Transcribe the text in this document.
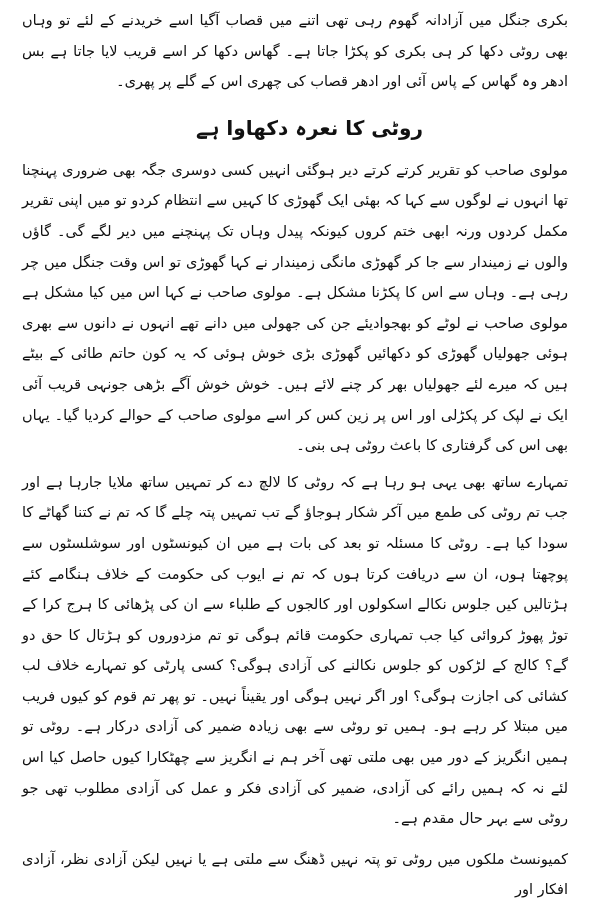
بکری جنگل میں آزادانہ گھوم رہی تھی اتنے میں قصاب آگیا اسے خریدنے کے لئے تو وہاں بھی روٹی دکھا کر ہی بکری کو پکڑا جاتا ہے۔ گھاس دکھا کر اسے قریب لایا جاتا ہے بس ادھر وہ گھاس کے پاس آئی اور ادھر قصاب کی چھری اس کے گلے پر پھری۔

روٹی کا نعرہ دکھاوا ہے

مولوی صاحب کو تقریر کرتے کرتے دیر ہوگئی انہیں کسی دوسری جگہ بھی ضروری پہنچنا تھا انہوں نے لوگوں سے کہا کہ بھئی ایک گھوڑی کا کہیں سے انتظام کردو تو میں اپنی تقریر مکمل کردوں ورنہ ابھی ختم کروں کیونکہ پیدل وہاں تک پہنچنے میں دیر لگے گی۔ گاؤں والوں نے زمیندار سے جا کر گھوڑی مانگی زمیندار نے کہا گھوڑی تو اس وقت جنگل میں چر رہی ہے۔ وہاں سے اس کا پکڑنا مشکل ہے۔ مولوی صاحب نے کہا اس میں کیا مشکل ہے مولوی صاحب نے لوٹے کو بھجوادیئے جن کی جھولی میں دانے تھے انہوں نے دانوں سے بھری ہوئی جھولیاں گھوڑی کو دکھائیں گھوڑی بڑی خوش ہوئی کہ یہ کون حاتم طائی کے بیٹے ہیں کہ میرے لئے جھولیاں بھر کر چنے لائے ہیں۔ خوش خوش آگے بڑھی جونہی قریب آئی ایک نے لپک کر پکڑلی اور اس پر زین کس کر اسے مولوی صاحب کے حوالے کردیا گیا۔ یہاں بھی اس کی گرفتاری کا باعث روٹی ہی بنی۔

تمہارے ساتھ بھی یہی ہو رہا ہے کہ روٹی کا لالچ دے کر تمہیں ساتھ ملایا جارہا ہے اور جب تم روٹی کی طمع میں آکر شکار ہوجاؤ گے تب تمہیں پتہ چلے گا کہ تم نے کتنا گھاٹے کا سودا کیا ہے۔ روٹی کا مسئلہ تو بعد کی بات ہے میں ان کیونسٹوں اور سوشلسٹوں سے پوچھتا ہوں، ان سے دریافت کرتا ہوں کہ تم نے ایوب کی حکومت کے خلاف ہنگامے کئے ہڑتالیں کیں جلوس نکالے اسکولوں اور کالجوں کے طلباء سے ان کی پڑھائی کا ہرج کرا کے توڑ پھوڑ کروائی کیا جب تمہاری حکومت قائم ہوگی تو تم مزدوروں کو ہڑتال کا حق دو گے؟ کالج کے لڑکوں کو جلوس نکالنے کی آزادی ہوگی؟ کسی پارٹی کو تمہارے خلاف لب کشائی کی اجازت ہوگی؟ اور اگر نہیں ہوگی اور یقیناً نہیں۔ تو پھر تم قوم کو کیوں فریب میں مبتلا کر رہے ہو۔ ہمیں تو روٹی سے بھی زیادہ ضمیر کی آزادی درکار ہے۔ روٹی تو ہمیں انگریز کے دور میں بھی ملتی تھی آخر ہم نے انگریز سے چھٹکارا کیوں حاصل کیا اس لئے نہ کہ ہمیں رائے کی آزادی، ضمیر کی آزادی فکر و عمل کی آزادی مطلوب تھی جو روٹی سے بہر حال مقدم ہے۔

کمیونسٹ ملکوں میں روٹی تو پتہ نہیں ڈھنگ سے ملتی ہے یا نہیں لیکن آزادی نظر، آزادی افکار اور
